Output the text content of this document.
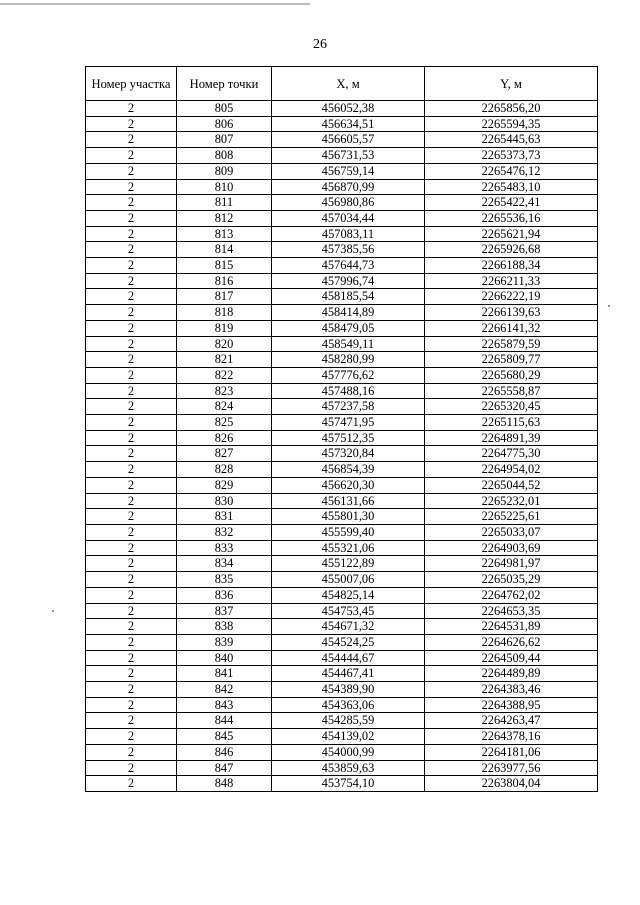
26
Номер участка	Номер точки	X, м	Y, м
2	805	456052,38	2265856,20
2	806	456634,51	2265594,35
2	807	456605,57	2265445,63
2	808	456731,53	2265373,73
2	809	456759,14	2265476,12
2	810	456870,99	2265483,10
2	811	456980,86	2265422,41
2	812	457034,44	2265536,16
2	813	457083,11	2265621,94
2	814	457385,56	2265926,68
2	815	457644,73	2266188,34
2	816	457996,74	2266211,33
2	817	458185,54	2266222,19
2	818	458414,89	2266139,63
2	819	458479,05	2266141,32
2	820	458549,11	2265879,59
2	821	458280,99	2265809,77
2	822	457776,62	2265680,29
2	823	457488,16	2265558,87
2	824	457237,58	2265320,45
2	825	457471,95	2265115,63
2	826	457512,35	2264891,39
2	827	457320,84	2264775,30
2	828	456854,39	2264954,02
2	829	456620,30	2265044,52
2	830	456131,66	2265232,01
2	831	455801,30	2265225,61
2	832	455599,40	2265033,07
2	833	455321,06	2264903,69
2	834	455122,89	2264981,97
2	835	455007,06	2265035,29
2	836	454825,14	2264762,02
2	837	454753,45	2264653,35
2	838	454671,32	2264531,89
2	839	454524,25	2264626,62
2	840	454444,67	2264509,44
2	841	454467,41	2264489,89
2	842	454389,90	2264383,46
2	843	454363,06	2264388,95
2	844	454285,59	2264263,47
2	845	454139,02	2264378,16
2	846	454000,99	2264181,06
2	847	453859,63	2263977,56
2	848	453754,10	2263804,04
